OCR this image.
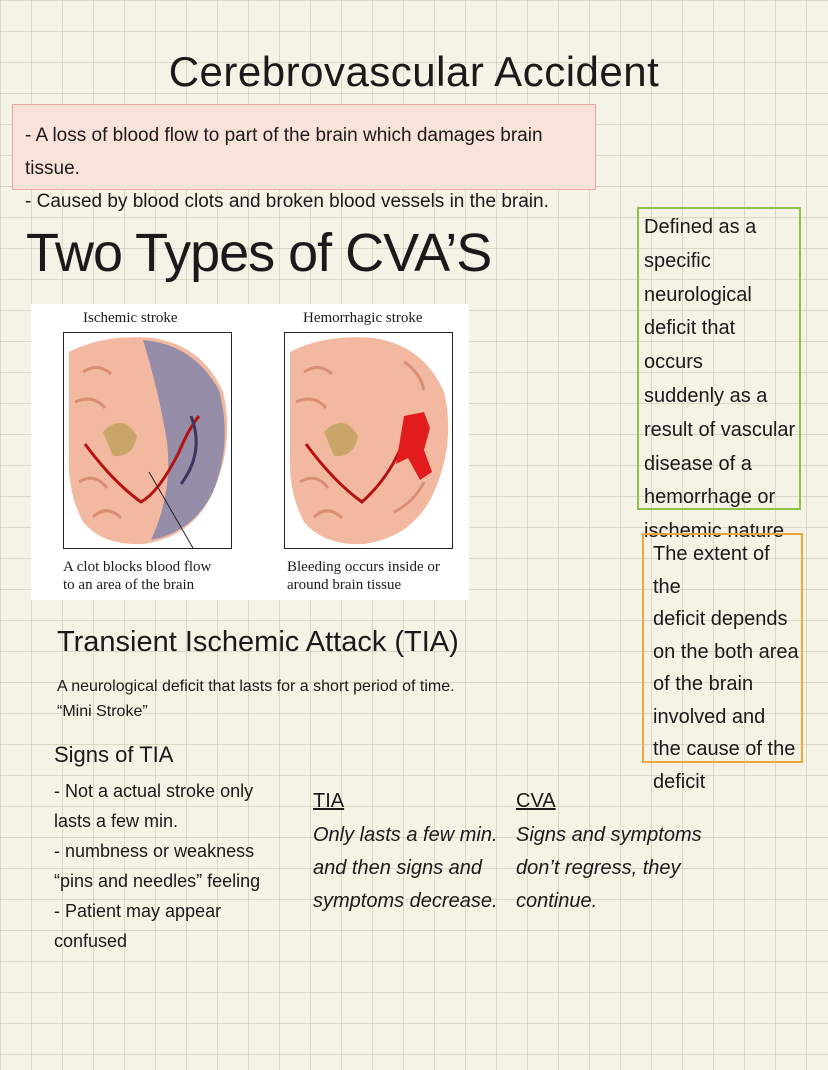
Cerebrovascular Accident
- A loss of blood flow to part of the brain which damages brain tissue.
- Caused by blood clots and broken blood vessels in the brain.
Two Types of CVA’S
Ischemic stroke	Hemorrhagic stroke
A clot blocks blood flow
to an area of the brain
Bleeding occurs inside or
around brain tissue
Defined as a
specific
neurological
deficit that occurs
suddenly as a
result of vascular
disease of a
hemorrhage or
ischemic nature
The extent of the
deficit depends
on the both area
of the brain
involved and
the cause of the
deficit
Transient Ischemic Attack (TIA)
A neurological deficit that lasts for a short period of time.
“Mini Stroke”
Signs of TIA
- Not a actual stroke only
lasts a few min.
- numbness or weakness
“pins and needles” feeling
- Patient may appear
confused
TIA
Only lasts a few min.
and then signs and
symptoms decrease.
CVA
Signs and symptoms
don’t regress, they
continue.
